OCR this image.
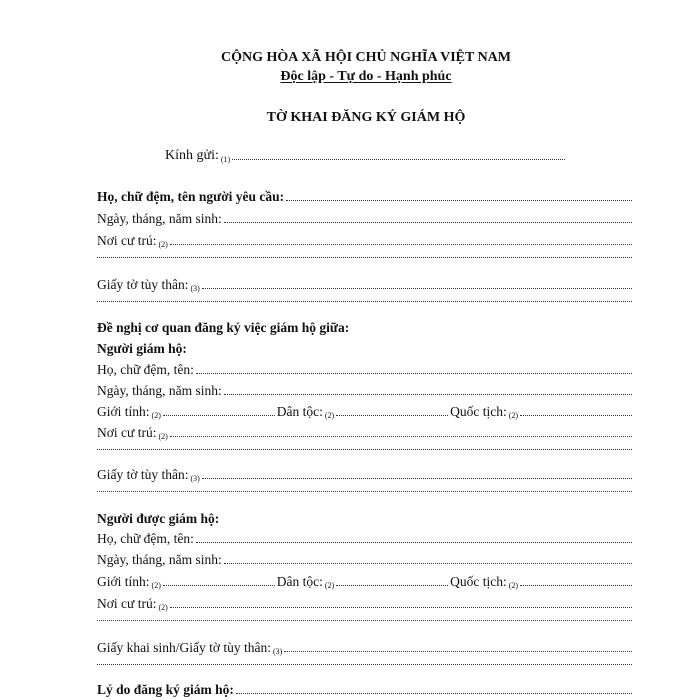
CỘNG HÒA XÃ HỘI CHỦ NGHĨA VIỆT NAM
Độc lập - Tự do - Hạnh phúc
TỜ KHAI ĐĂNG KÝ GIÁM HỘ
Kính gửi: (1)
Họ, chữ đệm, tên người yêu cầu:
Ngày, tháng, năm sinh:
Nơi cư trú: (2)
Giấy tờ tùy thân: (3)
Đề nghị cơ quan đăng ký việc giám hộ giữa:
Người giám hộ:
Họ, chữ đệm, tên:
Ngày, tháng, năm sinh:
Giới tính: (2)	Dân tộc: (2)	Quốc tịch: (2)
Nơi cư trú: (2)
Giấy tờ tùy thân: (3)
Người được giám hộ:
Họ, chữ đệm, tên:
Ngày, tháng, năm sinh:
Giới tính: (2)	Dân tộc: (2)	Quốc tịch: (2)
Nơi cư trú: (2)
Giấy khai sinh/Giấy tờ tùy thân: (3)
Lý do đăng ký giám hộ:
